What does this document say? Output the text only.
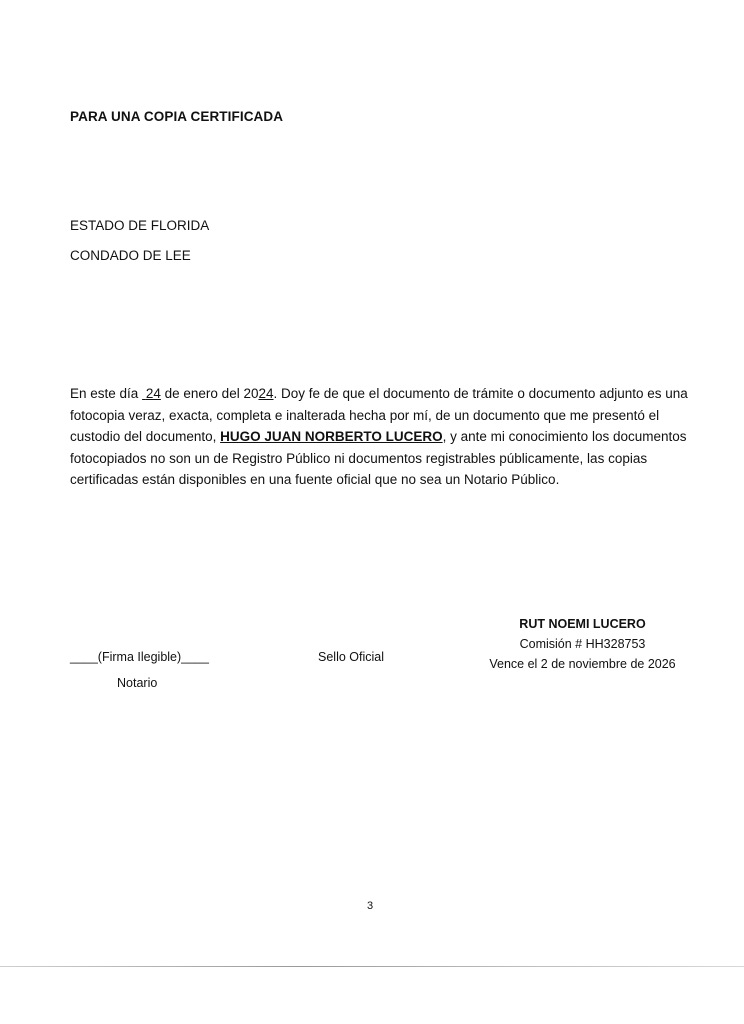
PARA UNA COPIA CERTIFICADA
ESTADO DE FLORIDA
CONDADO DE LEE
En este día 24 de enero del 2024. Doy fe de que el documento de trámite o documento adjunto es una fotocopia veraz, exacta, completa e inalterada hecha por mí, de un documento que me presentó el custodio del documento, HUGO JUAN NORBERTO LUCERO, y ante mi conocimiento los documentos fotocopiados no son un de Registro Público ni documentos registrables públicamente, las copias certificadas están disponibles en una fuente oficial que no sea un Notario Público.
____(Firma Ilegible)____
Notario
Sello Oficial
RUT NOEMI LUCERO
Comisión # HH328753
Vence el 2 de noviembre de 2026
3
